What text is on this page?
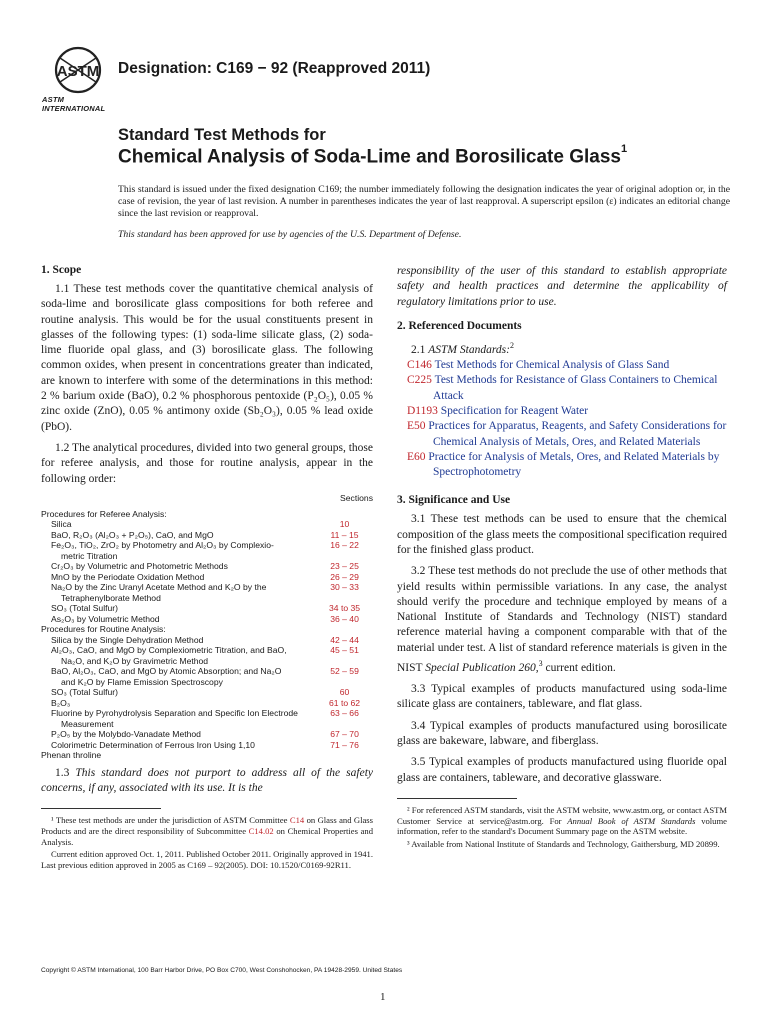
ASTM
ASTM INTERNATIONAL
Designation: C169 − 92 (Reapproved 2011)
Standard Test Methods for
Chemical Analysis of Soda-Lime and Borosilicate Glass$^1$
This standard is issued under the fixed designation C169; the number immediately following the designation indicates the year of original adoption or, in the case of revision, the year of last revision. A number in parentheses indicates the year of last reapproval. A superscript epsilon (ε) indicates an editorial change since the last revision or reapproval.
This standard has been approved for use by agencies of the U.S. Department of Defense.
1. Scope

1.1 These test methods cover the quantitative chemical analysis of soda-lime and borosilicate glass compositions for both referee and routine analysis. This would be for the usual constituents present in glasses of the following types: (1) soda-lime silicate glass, (2) soda-lime fluoride opal glass, and (3) borosilicate glass. The following common oxides, when present in concentrations greater than indicated, are known to interfere with some of the determinations in this method: 2 % barium oxide (BaO), 0.2 % phosphorous pentoxide (P₂O₅), 0.05 % zinc oxide (ZnO), 0.05 % antimony oxide (Sb₂O₃), 0.05 % lead oxide (PbO).

1.2 The analytical procedures, divided into two general groups, those for referee analysis, and those for routine analysis, appear in the following order:

Sections
Procedures for Referee Analysis:
Silica	10
BaO, R₂O₃ (Al₂O₃ + P₂O₅), CaO, and MgO	11 – 15
Fe₂O₃, TiO₂, ZrO₂ by Photometry and Al₂O₃ by Complexio-	16 – 22
metric Titration
Cr₂O₃ by Volumetric and Photometric Methods	23 – 25
MnO by the Periodate Oxidation Method	26 – 29
Na₂O by the Zinc Uranyl Acetate Method and K₂O by the	30 – 33
Tetraphenylborate Method
SO₃ (Total Sulfur)	34 to 35
As₂O₃ by Volumetric Method	36 – 40
Procedures for Routine Analysis:
Silica by the Single Dehydration Method	42 – 44
Al₂O₃, CaO, and MgO by Complexiometric Titration, and BaO,	45 – 51
Na₂O, and K₂O by Gravimetric Method
BaO, Al₂O₃, CaO, and MgO by Atomic Absorption; and Na₂O	52 – 59
and K₂O by Flame Emission Spectroscopy
SO₃ (Total Sulfur)	60
B₂O₃	61 to 62
Fluorine by Pyrohydrolysis Separation and Specific Ion Electrode	63 – 66
Measurement
P₂O₅ by the Molybdo-Vanadate Method	67 – 70
Colorimetric Determination of Ferrous Iron Using 1,10	71 – 76
Phenan throline

1.3 This standard does not purport to address all of the safety concerns, if any, associated with its use. It is the

¹ These test methods are under the jurisdiction of ASTM Committee C14 on Glass and Glass Products and are the direct responsibility of Subcommittee C14.02 on Chemical Properties and Analysis.

Current edition approved Oct. 1, 2011. Published October 2011. Originally approved in 1941. Last previous edition approved in 2005 as C169 – 92(2005). DOI: 10.1520/C0169-92R11.

responsibility of the user of this standard to establish appropriate safety and health practices and determine the applicability of regulatory limitations prior to use.

2. Referenced Documents

2.1 ASTM Standards:$^2$

C146 Test Methods for Chemical Analysis of Glass Sand
C225 Test Methods for Resistance of Glass Containers to Chemical Attack
D1193 Specification for Reagent Water
E50 Practices for Apparatus, Reagents, and Safety Considerations for Chemical Analysis of Metals, Ores, and Related Materials
E60 Practice for Analysis of Metals, Ores, and Related Materials by Spectrophotometry
3. Significance and Use

3.1 These test methods can be used to ensure that the chemical composition of the glass meets the compositional specification required for the finished glass product.

3.2 These test methods do not preclude the use of other methods that yield results within permissible variations. In any case, the analyst should verify the procedure and technique employed by means of a National Institute of Standards and Technology (NIST) standard reference material having a component comparable with that of the material under test. A list of standard reference materials is given in the NIST Special Publication 260,$^3$ current edition.

3.3 Typical examples of products manufactured using soda-lime silicate glass are containers, tableware, and flat glass.

3.4 Typical examples of products manufactured using borosilicate glass are bakeware, labware, and fiberglass.

3.5 Typical examples of products manufactured using fluoride opal glass are containers, tableware, and decorative glassware.

² For referenced ASTM standards, visit the ASTM website, www.astm.org, or contact ASTM Customer Service at service@astm.org. For Annual Book of ASTM Standards volume information, refer to the standard's Document Summary page on the ASTM website.

³ Available from National Institute of Standards and Technology, Gaithersburg, MD 20899.

Copyright © ASTM International, 100 Barr Harbor Drive, PO Box C700, West Conshohocken, PA 19428-2959. United States
1
